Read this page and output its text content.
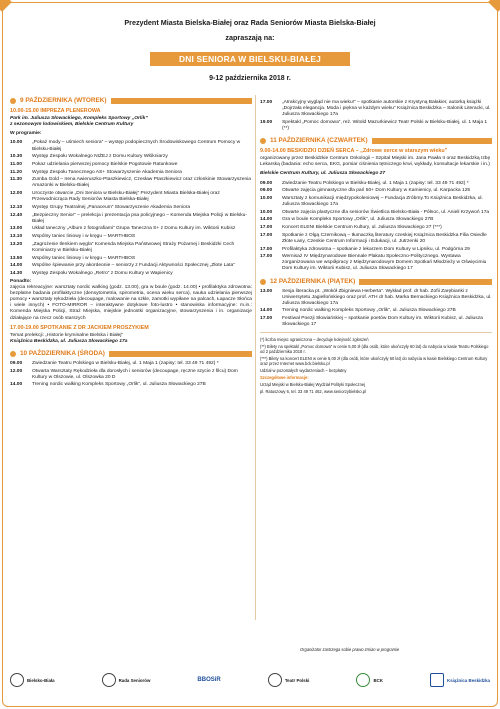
Prezydent Miasta Bielska-Białej oraz Rada Seniorów Miasta Bielska-Białej
zapraszają na:
DNI SENIORA W BIELSKU-BIAŁEJ
9-12 października 2018 r.
9 PAŹDZIERNIKA (WTOREK)
10.00-15.00 IMPREZA PLENEROWA
Park im. Juliusza Słowackiego, Kompleks Sportowy „Orlik”
z sezonowym lodowiskiem, Bielskie Centrum Kultury
W programie:
10.00	„Pokaż mody – uśmiech seniora” – występ podopiecznych Środowiskowego Centrum Pomocy w Bielsku-Białej
10.30	Występ Zespołu Wokalnego NIŻEJ z Domu Kultury Włókniarzy
11.00	Pokaz udzielania pierwszej pomocy Bielskie Pogotowie Ratunkowe
11.20	Występ Zespołu Tanecznego AS+ Stowarzyszenie Akademia Seniora
11.30	Zumba Gold – Irena Awieruszko-Ptaszkiewicz, Czesław Ptaszkiewicz oraz członkinie Stowarzyszenia Amazonki w Bielsku-Białej
12.00	Uroczyste otwarcie „Dni Seniora w Bielsku-Białej” Prezydent Miasta Bielska-Białej oraz Przewodnicząca Rady Seniorów Miasta Bielska-Białej
12.10	Występ Grupy Teatralnej „Panaceum” Stowarzyszenie Akademia Seniora
12.40	„Bezpieczny Senior” – prelekcja i prezentacja psa policyjnego – Komenda Miejska Policji w Bielsku-Białej
13.00	Układ taneczny „Album z fotografiami” Grupa Taneczna S+ z Domu Kultury im. Wiktorii Kubisz
13.10	Wspólny taniec liniowy i w kręgu – MARTHBOS
13.20	„Zagrożenie tlenkiem węgla” Komenda Miejska Państwowej Straży Pożarnej i Beskidzki Cech Kominiarzy w Bielsku-Białej
13.50	Wspólny taniec liniowy i w kręgu – MARTHBOS
14.00	Wspólne śpiewanie przy akordeonie – seniorzy z Fundacji Aktywności Społecznej „Złote Lata”
14.30	Występ Zespołu Wokalnego „Retro” z Domu Kultury w Wapienicy
Ponadto:
zajęcia rekreacyjne: warsztaty nordic walking (godz. 13.00), gra w boule (godz. 14.00) • profilaktyka zdrowotna: bezpłatne badania profilaktyczne (densytometria, spirometria, ocena wieku serca), nauka udzielania pierwszej pomocy • warsztaty rękodzieła (decoupage, malowanie na szkle, zamotki wypiłane na palcach, Łapacze Słońca i wiele innych) • FOTO-MIRROR – interaktywne dotykowe foto-lustro • stanowiska informacyjne: m.in.: Komenda Miejska Policji, Straż Miejska, miejskie jednostki organizacyjne, stowarzyszenia i in. organizacje działające na rzecz osób starszych
17.00-19.00 SPOTKANIE Z DR JACKIEM PROSZYKIEM
Temat prelekcji: „Historie kryminalne Bielska i Białej”
Książnica Beskidzka, ul. Juliusza Słowackiego 17a
10 PAŹDZIERNIKA (ŚRODA)
09.00	Zwiedzanie Teatru Polskiego w Bielsku-Białej, ul. 1 Maja 1 (zapisy: tel. 33 49 71 492) *
12.00	Otwarta Warsztaty Rękodzieła dla dorosłych i seniorów (decoupage, ręczne szycie z filcu) Dom Kultury w Olszowie, ul. Olszowka 20 D
14.00	Trening nordic walking Kompleks Sportowy „Orlik”, ul. Juliusza Słowackiego 27B
17.00	„Atrakcyjny wygląd nie ma wieku!” – spotkanie autorskie z Krystyną Bałakier, autorką książki „Dojrzała elegancja. Moda i piękna w każdym wieku” Książnica Beskidzka – Salonik Literacki, ul. Juliusza Słowackiego 17a
19.00	Spektakl „Pomoc domowa”, reż. Witold Mazurkiewicz Teatr Polski w Bielsku-Białej, ul. 1 Maja 1 (**)
11 PAŹDZIERNIKA (CZWARTEK)
9.00-14.00 BESKIDZKI DZIEŃ SERCA – „Zdrowe serce w starszym wieku”
organizowany przez Beskidzkie Centrum Onkologii – Szpital Miejski im. Jana Pawła II oraz Beskidzką Izbę Lekarską (badania: echo serca, EKG, pomiar ciśnienia tętniczego krwi, wykłady, konsultacje lekarskie i in.)
Bielskie Centrum Kultury, ul. Juliusza Słowackiego 27
09.00	Zwiedzanie Teatru Polskiego w Bielsku-Białej, ul. 1 Maja 1 (zapisy: tel. 33 49 71 492) *
09.00	Otwarte zajęcia gimnastyczne dla pań 50+ Dom Kultury w Kamienicy, ul. Karpacka 125
10.00	Warsztaty z komunikacji międzypokoleniowej – Fundacja Zróbmy.To Książnica Beskidzka, ul. Juliusza Słowackiego 17a
10.00	Otwarte zajęcia plastyczne dla seniorów Świetlica Bielsko-Biała - Północ, ul. Anieli Krzywoń 17a
14.00	Gra w boule Kompleks Sportowy „Orlik”, ul. Juliusza Słowackiego 27B
17.00	Koncert ELENI Bielskie Centrum Kultury, ul. Juliusza Słowackiego 27 (***)
17.00	Spotkanie z Olgą Czernikową – tłumaczką literatury czeskiej Książnica Beskidzka Filia Osiedle Złote Łany, Czeskie Centrum Informacji i Edukacji, ul. Jutrzenki 20
17.00	Profilaktyka zdrowotna – spotkanie z lekarzem Dom Kultury w Lipniku, ul. Podgórna 29
17.00	Wernisaż IV Międzynarodowe Biennale Plakatu Społeczno-Politycznego. Wystawa zorganizowana we współpracy z Międzynarodowym Domem Spotkań Młodzieży w Oświęcimiu Dom Kultury im. Wiktorii Kubisz, ul. Juliusza Słowackiego 17
12 PAŹDZIERNIKA (PIĄTEK)
13.00	Sesja literacka pt. „Wokół Zbigniewa Herberta”. Wykład prof. dr hab. Zofii Zarębianki z Uniwersytetu Jagiellońskiego oraz prof. ATH dr hab. Marka Bernackiego Książnica Beskidzka, ul. Juliusza Słowackiego 17a
14.00	Trening nordic walking Kompleks Sportowy „Orlik”, ul. Juliusza Słowackiego 27B
17.00	Festiwal Poezji Słowiańskiej – spotkanie poetów Dom Kultury im. Wiktorii Kubisz, ul. Juliusza Słowackiego 17
(*) liczba miejsc ograniczona – decyduje kolejność zgłoszeń
(**) Bilety na spektakl „Pomoc domowa” w cenie 5,00 zł (dla osób, które ukończyły 60 lat) do nabycia w kasie Teatru Polskiego od 2 października 2018 r.
(***) Bilety na koncert ELENI w cenie 5,00 zł (dla osób, które ukończyły 60 lat) do nabycia w kasie Bielskiego Centrum Kultury oraz przez Internet www.bck.bielsko.pl
Udział w pozostałych wydarzeniach – bezpłatny
Szczegółowe informacje:
Urząd Miejski w Bielsku-Białej Wydział Polityki Społecznej
pl. Ratuszowy 6, tel. 33 49 71 462, www.seniorzybielsko.pl
Organizator zastrzega sobie prawo zmian w programie
Bielsko-Biała	Rada Seniorów	BBOSiR	Teatr Polski	BCK	Książnica Beskidzka
